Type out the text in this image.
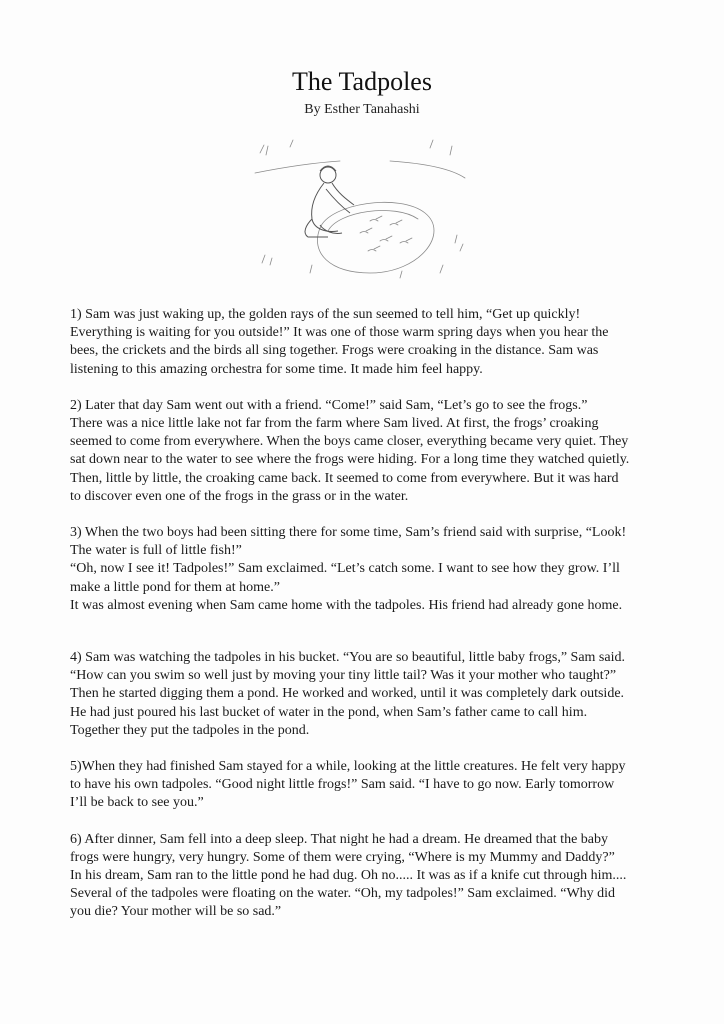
The Tadpoles
By Esther Tanahashi

1) Sam was just waking up, the golden rays of the sun seemed to tell him, “Get up quickly!
Everything is waiting for you outside!” It was one of those warm spring days when you hear the
bees, the crickets and the birds all sing together. Frogs were croaking in the distance. Sam was
listening to this amazing orchestra for some time. It made him feel happy.

2) Later that day Sam went out with a friend. “Come!” said Sam, “Let’s go to see the frogs.”
There was a nice little lake not far from the farm where Sam lived. At first, the frogs’ croaking
seemed to come from everywhere. When the boys came closer, everything became very quiet. They
sat down near to the water to see where the frogs were hiding. For a long time they watched quietly.
Then, little by little, the croaking came back. It seemed to come from everywhere. But it was hard
to discover even one of the frogs in the grass or in the water.

3) When the two boys had been sitting there for some time, Sam’s friend said with surprise, “Look!
The water is full of little fish!”
“Oh, now I see it! Tadpoles!” Sam exclaimed. “Let’s catch some. I want to see how they grow. I’ll
make a little pond for them at home.”
It was almost evening when Sam came home with the tadpoles. His friend had already gone home.

4) Sam was watching the tadpoles in his bucket. “You are so beautiful, little baby frogs,” Sam said.
“How can you swim so well just by moving your tiny little tail? Was it your mother who taught?”
Then he started digging them a pond. He worked and worked, until it was completely dark outside.
He had just poured his last bucket of water in the pond, when Sam’s father came to call him.
Together they put the tadpoles in the pond.

5)When they had finished Sam stayed for a while, looking at the little creatures. He felt very happy
to have his own tadpoles. “Good night little frogs!” Sam said. “I have to go now. Early tomorrow
I’ll be back to see you.”

6) After dinner, Sam fell into a deep sleep. That night he had a dream. He dreamed that the baby
frogs were hungry, very hungry. Some of them were crying, “Where is my Mummy and Daddy?”
In his dream, Sam ran to the little pond he had dug. Oh no..... It was as if a knife cut through him....
Several of the tadpoles were floating on the water. “Oh, my tadpoles!” Sam exclaimed. “Why did
you die? Your mother will be so sad.”
